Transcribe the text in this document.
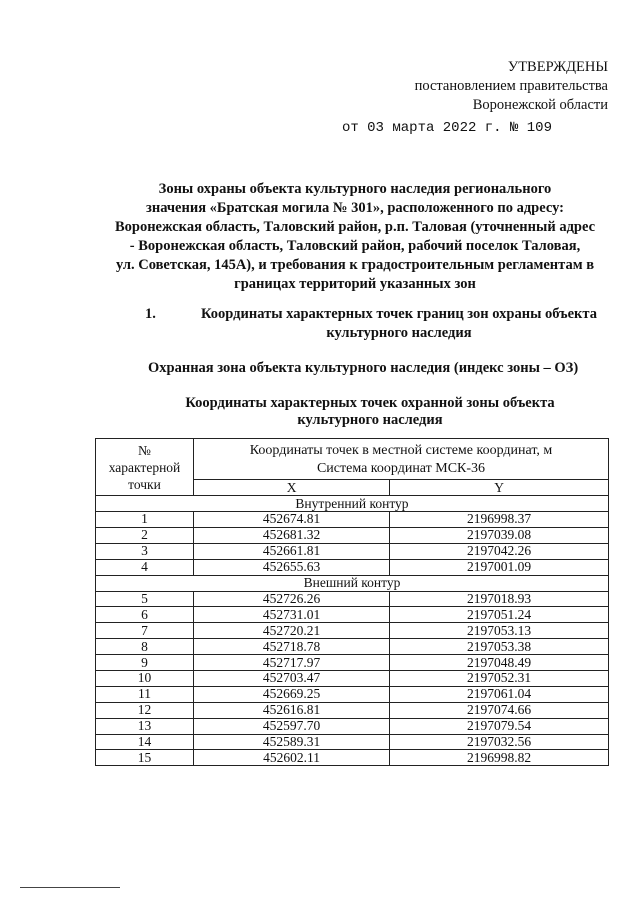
УТВЕРЖДЕНЫ
постановлением правительства
Воронежской области
от 03 марта 2022 г. № 109
Зоны охраны объекта культурного наследия регионального
значения «Братская могила № 301», расположенного по адресу:
Воронежская область, Таловский район, р.п. Таловая (уточненный адрес
- Воронежская область, Таловский район, рабочий поселок Таловая,
ул. Советская, 145А), и требования к градостроительным регламентам в
границах территорий указанных зон
1.	Координаты характерных точек границ зон охраны объекта
культурного наследия
Охранная зона объекта культурного наследия (индекс зоны – ОЗ)
Координаты характерных точек охранной зоны объекта
культурного наследия
№
характерной
точки	Координаты точек в местной системе координат, м
Система координат МСК-36	
	X	Y
Внутренний контур		
1	452674.81	2196998.37
2	452681.32	2197039.08
3	452661.81	2197042.26
4	452655.63	2197001.09
Внешний контур		
5	452726.26	2197018.93
6	452731.01	2197051.24
7	452720.21	2197053.13
8	452718.78	2197053.38
9	452717.97	2197048.49
10	452703.47	2197052.31
11	452669.25	2197061.04
12	452616.81	2197074.66
13	452597.70	2197079.54
14	452589.31	2197032.56
15	452602.11	2196998.82
